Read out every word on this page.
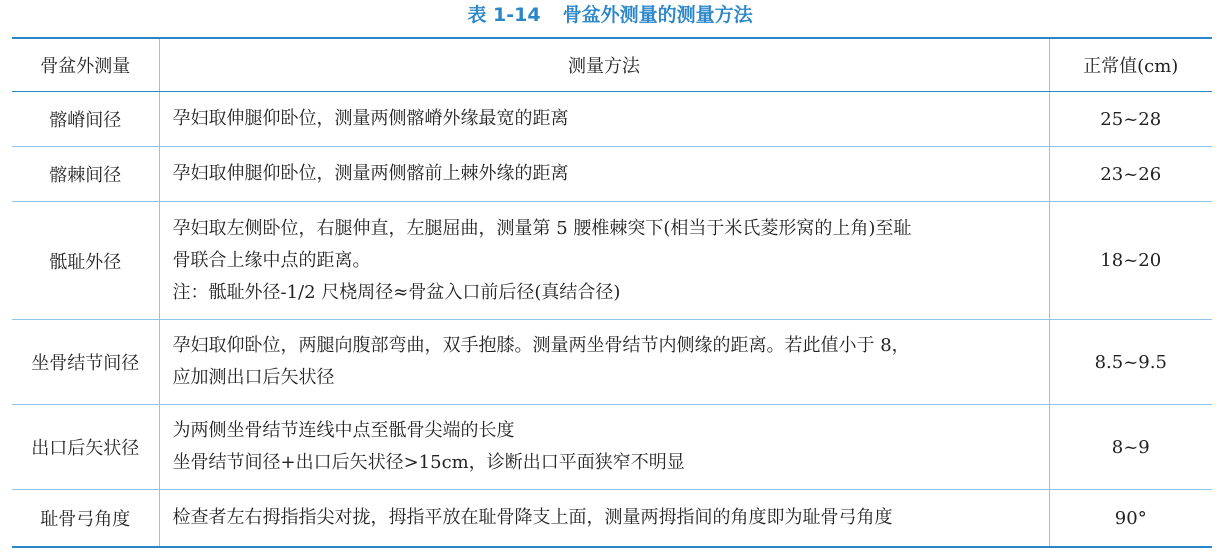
表 1-14 骨盆外测量的测量方法
骨盆外测量	测量方法	正常值(cm)
髂嵴间径	孕妇取伸腿仰卧位，测量两侧髂嵴外缘最宽的距离	25~28
髂棘间径	孕妇取伸腿仰卧位，测量两侧髂前上棘外缘的距离	23~26
骶耻外径	孕妇取左侧卧位，右腿伸直，左腿屈曲，测量第 5 腰椎棘突下(相当于米氏菱形窝的上角)至耻
骨联合上缘中点的距离。
注：骶耻外径-1/2 尺桡周径≈骨盆入口前后径(真结合径)	18~20
坐骨结节间径	孕妇取仰卧位，两腿向腹部弯曲，双手抱膝。测量两坐骨结节内侧缘的距离。若此值小于 8，
应加测出口后矢状径	8.5~9.5
出口后矢状径	为两侧坐骨结节连线中点至骶骨尖端的长度
坐骨结节间径+出口后矢状径>15cm，诊断出口平面狭窄不明显	8~9
耻骨弓角度	检查者左右拇指指尖对拢，拇指平放在耻骨降支上面，测量两拇指间的角度即为耻骨弓角度	90°
